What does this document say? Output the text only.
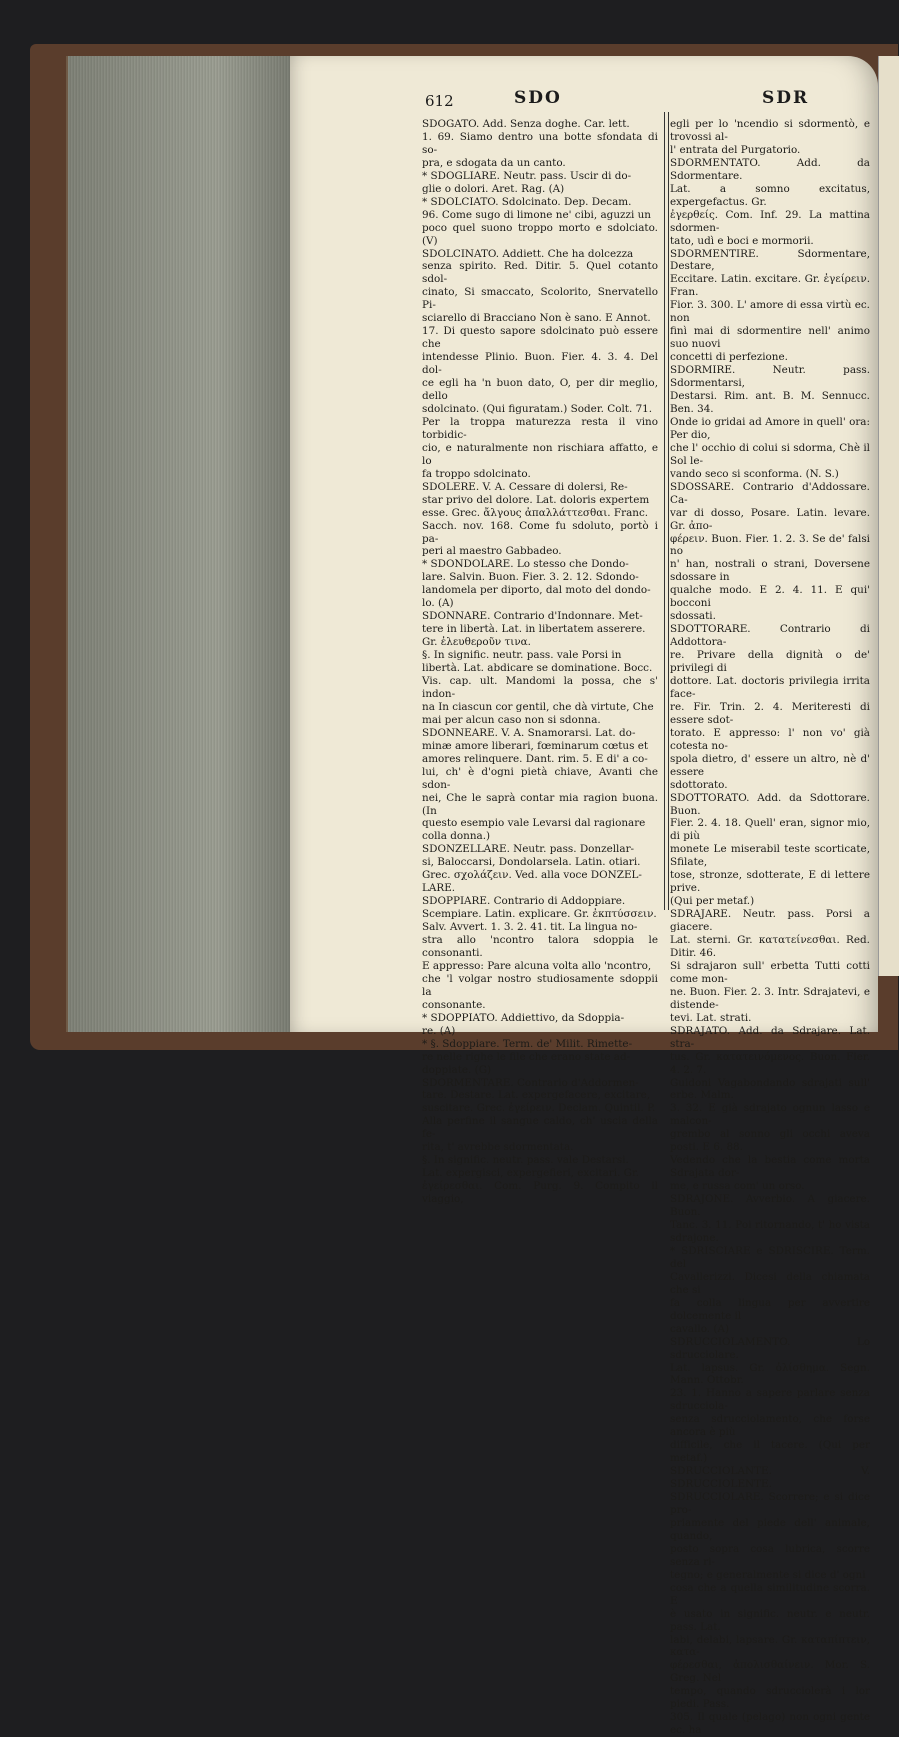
612	SDO	SDR
SDOGATO. Add. Senza doghe. Car. lett.
1. 69. Siamo dentro una botte sfondata di so-
pra, e sdogata da un canto.
* SDOGLIARE. Neutr. pass. Uscir di do-
glie o dolori. Aret. Rag. (A)
* SDOLCIATO. Sdolcinato. Dep. Decam.
96. Come sugo di limone ne' cibi, aguzzi un
poco quel suono troppo morto e sdolciato. (V)
SDOLCINATO. Addiett. Che ha dolcezza
senza spirito. Red. Ditir. 5. Quel cotanto sdol-
cinato, Si smaccato, Scolorito, Snervatello Pi-
sciarello di Bracciano Non è sano. E Annot.
17. Di questo sapore sdolcinato può essere che
intendesse Plinio. Buon. Fier. 4. 3. 4. Del dol-
ce egli ha 'n buon dato, O, per dir meglio, dello
sdolcinato. (Qui figuratam.) Soder. Colt. 71.
Per la troppa maturezza resta il vino torbidic-
cio, e naturalmente non rischiara affatto, e lo
fa troppo sdolcinato.
SDOLERE. V. A. Cessare di dolersi, Re-
star privo del dolore. Lat. doloris expertem
esse. Grec. ἄλγους ἀπαλλάττεσθαι. Franc.
Sacch. nov. 168. Come fu sdoluto, portò i pa-
peri al maestro Gabbadeo.
* SDONDOLARE. Lo stesso che Dondo-
lare. Salvin. Buon. Fier. 3. 2. 12. Sdondo-
landomela per diporto, dal moto del dondo-
lo. (A)
SDONNARE. Contrario d'Indonnare. Met-
tere in libertà. Lat. in libertatem asserere.
Gr. ἐλευθεροῦν τινα.
§. In signific. neutr. pass. vale Porsi in
libertà. Lat. abdicare se dominatione. Bocc.
Vis. cap. ult. Mandomi la possa, che s' indon-
na In ciascun cor gentil, che dà virtute, Che
mai per alcun caso non si sdonna.
SDONNEARE. V. A. Snamorarsi. Lat. do-
minæ amore liberari, fœminarum cœtus et
amores relinquere. Dant. rim. 5. E di' a co-
lui, ch' è d'ogni pietà chiave, Avanti che sdon-
nei, Che le saprà contar mia ragion buona. (In
questo esempio vale Levarsi dal ragionare
colla donna.)
SDONZELLARE. Neutr. pass. Donzellar-
si, Baloccarsi, Dondolarsela. Latin. otiari.
Grec. σχολάζειν. Ved. alla voce DONZEL-
LARE.
SDOPPIARE. Contrario di Addoppiare.
Scempiare. Latin. explicare. Gr. ἐκπτύσσειν.
Salv. Avvert. 1. 3. 2. 41. tit. La lingua no-
stra allo 'ncontro talora sdoppia le consonanti.
E appresso: Pare alcuna volta allo 'ncontro,
che 'l volgar nostro studiosamente sdoppii la
consonante.
* SDOPPIATO. Addiettivo, da Sdoppia-
re. (A)
* §. Sdoppiare. Term. de' Milit. Rimette-
re nelle righe le file che erano state ad-
doppiate. (G)
SDORMENTARE. Contrario d'Addormen-
tare. Destare. Lat. expergefacere, excitare,
suscitare. Grec. ἐγείρειν. Declam. Quintil. P.
Alla perfine il sangue caldo, ch' uscia della fe-
rita, t' avrebbe sdormentata.
§. In signific. neutr. pass. vale Destarsi.
Lat. expergisci, expergefieri, excitari. Gr.
ἐγείρεσθαι. Com. Purg. 9. Compito il viaggio,
egli per lo 'ncendio si sdormentò, e trovossi al-
l' entrata del Purgatorio.
SDORMENTATO. Add. da Sdormentare.
Lat. a somno excitatus, expergefactus. Gr.
ἐγερθείς. Com. Inf. 29. La mattina sdormen-
tato, udì e boci e mormorii.
SDORMENTIRE. Sdormentare, Destare,
Eccitare. Latin. excitare. Gr. ἐγείρειν. Fran.
Fior. 3. 300. L' amore di essa virtù ec. non
finì mai di sdormentire nell' animo suo nuovi
concetti di perfezione.
SDORMIRE. Neutr. pass. Sdormentarsi,
Destarsi. Rim. ant. B. M. Sennucc. Ben. 34.
Onde io gridai ad Amore in quell' ora: Per dio,
che l' occhio di colui si sdorma, Chè il Sol le-
vando seco si sconforma. (N. S.)
SDOSSARE. Contrario d'Addossare. Ca-
var di dosso, Posare. Latin. levare. Gr. ἀπο-
φέρειν. Buon. Fier. 1. 2. 3. Se de' falsi no
n' han, nostrali o strani, Doversene sdossare in
qualche modo. E 2. 4. 11. E qui' bocconi
sdossati.
SDOTTORARE. Contrario di Addottora-
re. Privare della dignità o de' privilegi di
dottore. Lat. doctoris privilegia irrita face-
re. Fir. Trin. 2. 4. Meriteresti di essere sdot-
torato. E appresso: l' non vo' già cotesta no-
spola dietro, d' essere un altro, nè d' essere
sdottorato.
SDOTTORATO. Add. da Sdottorare. Buon.
Fier. 2. 4. 18. Quell' eran, signor mio, di più
monete Le miserabil teste scorticate, Sfilate,
tose, stronze, sdotterate, E di lettere prive.
(Qui per metaf.)
SDRAJARE. Neutr. pass. Porsi a giacere.
Lat. sterni. Gr. κατατείνεσθαι. Red. Ditir. 46.
Si sdrajaron sull' erbetta Tutti cotti come mon-
ne. Buon. Fier. 2. 3. Intr. Sdrajatevi, e distende-
tevi. Lat. strati.
SDRAJATO. Add. da Sdrajare. Lat. stra-
tus. Gr. κατατεινόμενος. Buon. Fier. 4. 2. 7.
Guidoni Vagabondando sdrajati sull' erbe. Malm.
3. 32. E già sdrajato ognun lasso e malcon-
grembo al sonno gli occhi aveva posti. E 6. 88.
Vedendo che la bestia come morta Sdrajata dor-
me, e russa com' un orso.
SDRAJONE. Avverbio. A giacere. Buon.
Tanc. 3. 11. Poi ritornando, t' ho vista sdrajone.
* SDRISCIARE e SDRISCIRE. Term. del
Cavallerizzi. Dicesi della chiamata che si
fa colla lingua per avvertire dolcemente il
cavallo. (A)
SDRUCCIOLAMENTO. Lo sdrucciolare.
Lat. lapsus. Gr. ὀλίσθημα. Segn. Mann. Ottobr.
23. 1. Hanno a sapere parlare senza sdrucciola-
senza sdrucciolamento, che forse ancora è più
difficile, che il tacere. (Qui per metaf.)
SDRUCCIOLANTE. V. SDRUCCIOLENTE.
SDRUCCIOLARE. Scorrere; e si dice pro-
priamente del piede dell' animale, quando,
posto sopra cosa lubrica, scorre senza ri-
tegno; e generalmente si dice d' ogni
cosa che a quella similitudine scorra. E
è usato in signific. neutr. e neutr. pass. Lat.
labi, delabi, lapsare. Gr. καταπίπτειν, κατα-
φέρεσθαι, ἀπολισθαίνειν. Mor. S. Greg. Nel
tempo, quando sdrucciolerà i lor piedi. Pass.
305. Il quale (pelago) non ogni gente ec. ha
